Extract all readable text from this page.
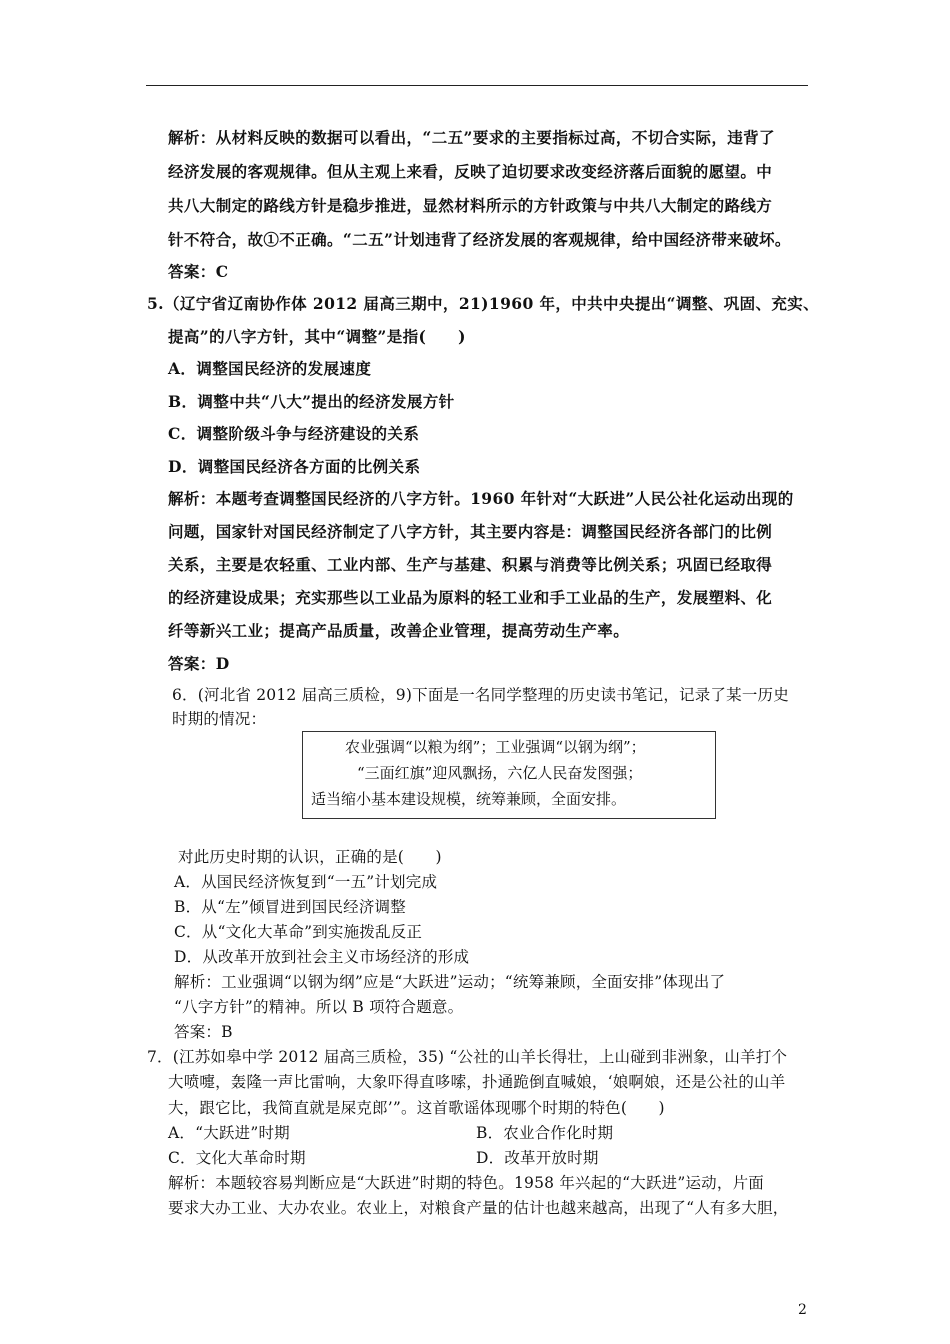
解析：从材料反映的数据可以看出，“二五”要求的主要指标过高，不切合实际，违背了
经济发展的客观规律。但从主观上来看，反映了迫切要求改变经济落后面貌的愿望。中
共八大制定的路线方针是稳步推进，显然材料所示的方针政策与中共八大制定的路线方
针不符合，故①不正确。“二五”计划违背了经济发展的客观规律，给中国经济带来破坏。
答案：C
5.（辽宁省辽南协作体 2012 届高三期中，21)1960 年，中共中央提出“调整、巩固、充实、
提高”的八字方针，其中“调整”是指(　　)
A．调整国民经济的发展速度
B．调整中共“八大”提出的经济发展方针
C．调整阶级斗争与经济建设的关系
D．调整国民经济各方面的比例关系
解析：本题考查调整国民经济的八字方针。1960 年针对“大跃进”人民公社化运动出现的
问题，国家针对国民经济制定了八字方针，其主要内容是：调整国民经济各部门的比例
关系，主要是农轻重、工业内部、生产与基建、积累与消费等比例关系；巩固已经取得
的经济建设成果；充实那些以工业品为原料的轻工业和手工业品的生产，发展塑料、化
纤等新兴工业；提高产品质量，改善企业管理，提高劳动生产率。
答案：D
6．(河北省 2012 届高三质检，9)下面是一名同学整理的历史读书笔记，记录了某一历史
时期的情况：
农业强调“以粮为纲”；工业强调“以钢为纲”；
“三面红旗”迎风飘扬，六亿人民奋发图强；
适当缩小基本建设规模，统筹兼顾，全面安排。
对此历史时期的认识，正确的是(　　)
A．从国民经济恢复到“一五”计划完成
B．从“左”倾冒进到国民经济调整
C．从“文化大革命”到实施拨乱反正
D．从改革开放到社会主义市场经济的形成
解析：工业强调“以钢为纲”应是“大跃进”运动；“统筹兼顾，全面安排”体现出了
“八字方针”的精神。所以 B 项符合题意。
答案：B
7．(江苏如皋中学 2012 届高三质检，35) “公社的山羊长得壮，上山碰到非洲象，山羊打个
大喷嚏，轰隆一声比雷响，大象吓得直哆嗦，扑通跪倒直喊娘，‘娘啊娘，还是公社的山羊
大，跟它比，我简直就是屎克郎’”。这首歌谣体现哪个时期的特色(　　)
A．“大跃进”时期	B．农业合作化时期
C．文化大革命时期	D．改革开放时期
解析：本题较容易判断应是“大跃进”时期的特色。1958 年兴起的“大跃进”运动，片面
要求大办工业、大办农业。农业上，对粮食产量的估计也越来越高，出现了“人有多大胆，
2
